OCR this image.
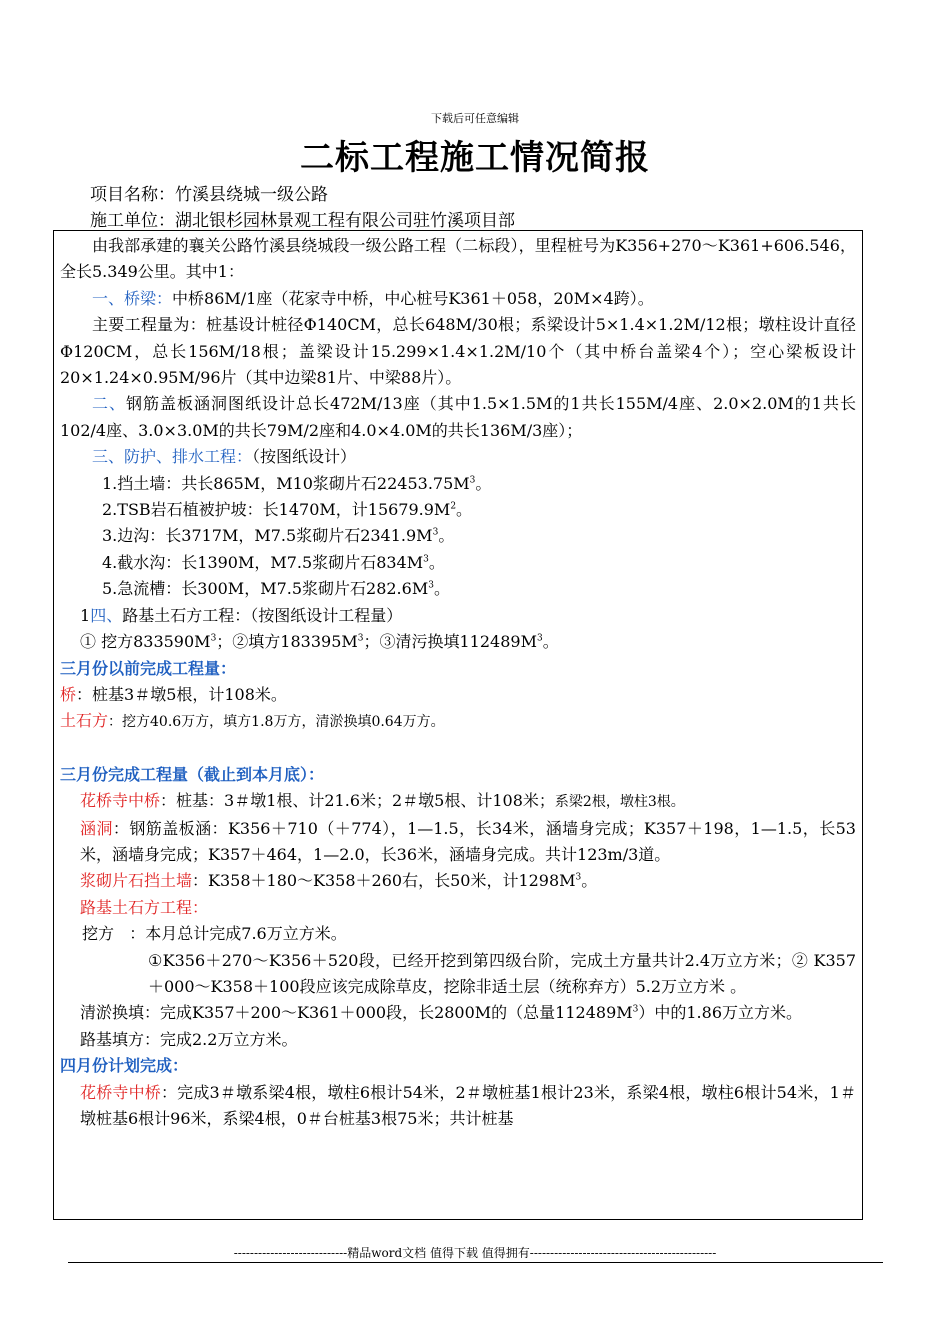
下载后可任意编辑
二标工程施工情况简报
项目名称：竹溪县绕城一级公路
施工单位：湖北银杉园林景观工程有限公司驻竹溪项目部

由我部承建的襄关公路竹溪县绕城段一级公路工程（二标段），里程桩号为K356+270～K361+606.546，全长5.349公里。其中1：

一、桥梁：中桥86M/1座（花家寺中桥，中心桩号K361＋058，20M×4跨）。

主要工程量为：桩基设计桩径Φ140CM，总长648M/30根；系梁设计5×1.4×1.2M/12根；墩柱设计直径Φ120CM，总长156M/18根；盖梁设计15.299×1.4×1.2M/10个（其中桥台盖梁4个）；空心梁板设计20×1.24×0.95M/96片（其中边梁81片、中梁88片）。

二、钢筋盖板涵洞图纸设计总长472M/13座（其中1.5×1.5M的1共长155M/4座、2.0×2.0M的1共长102/4座、3.0×3.0M的共长79M/2座和4.0×4.0M的共长136M/3座）；

三、防护、排水工程：（按图纸设计）

1.挡土墙：共长865M，M10浆砌片石$22453.75M^3$。

2.TSB岩石植被护坡：长1470M，计$15679.9M^2$。

3.边沟：长3717M，M7.5浆砌片石$2341.9M^3$。

4.截水沟：长1390M，M7.5浆砌片石$834M^3$。

5.急流槽：长300M，M7.5浆砌片石$282.6M^3$。

1四、路基土石方工程：（按图纸设计工程量）

① 挖方$833590M^3$；②填方$183395M^3$；③清污换填$112489M^3$。

三月份以前完成工程量：

桥：桩基3＃墩5根，计108米。

土石方：挖方40.6万方，填方1.8万方，清淤换填0.64万方。

三月份完成工程量（截止到本月底）：

花桥寺中桥：桩基：3＃墩1根、计21.6米；2＃墩5根、计108米；系梁2根，墩柱3根。

涵洞：钢筋盖板涵：K356＋710（＋774），1—1.5，长34米，涵墙身完成；K357＋198，1—1.5，长53米，涵墙身完成；K357＋464，1—2.0，长36米，涵墙身完成。共计123m/3道。

浆砌片石挡土墙：K358＋180～K358＋260右，长50米，计$1298M^3$。

路基土石方工程：

挖方 ：本月总计完成7.6万立方米。

①K356＋270～K356＋520段，已经开挖到第四级台阶，完成土方量共计2.4万立方米；② K357＋000～K358＋100段应该完成除草皮，挖除非适土层（统称弃方）5.2万立方米 。

清淤换填：完成K357＋200～K361＋000段，长2800M的（总量$112489M^3$）中的1.86万立方米。

路基填方：完成2.2万立方米。

四月份计划完成：

花桥寺中桥：完成3＃墩系梁4根，墩柱6根计54米，2＃墩桩基1根计23米，系梁4根，墩柱6根计54米，1＃墩桩基6根计96米，系梁4根，0＃台桩基3根75米；共计桩基

----------------------------精品word文档 值得下载 值得拥有----------------------------------------------
